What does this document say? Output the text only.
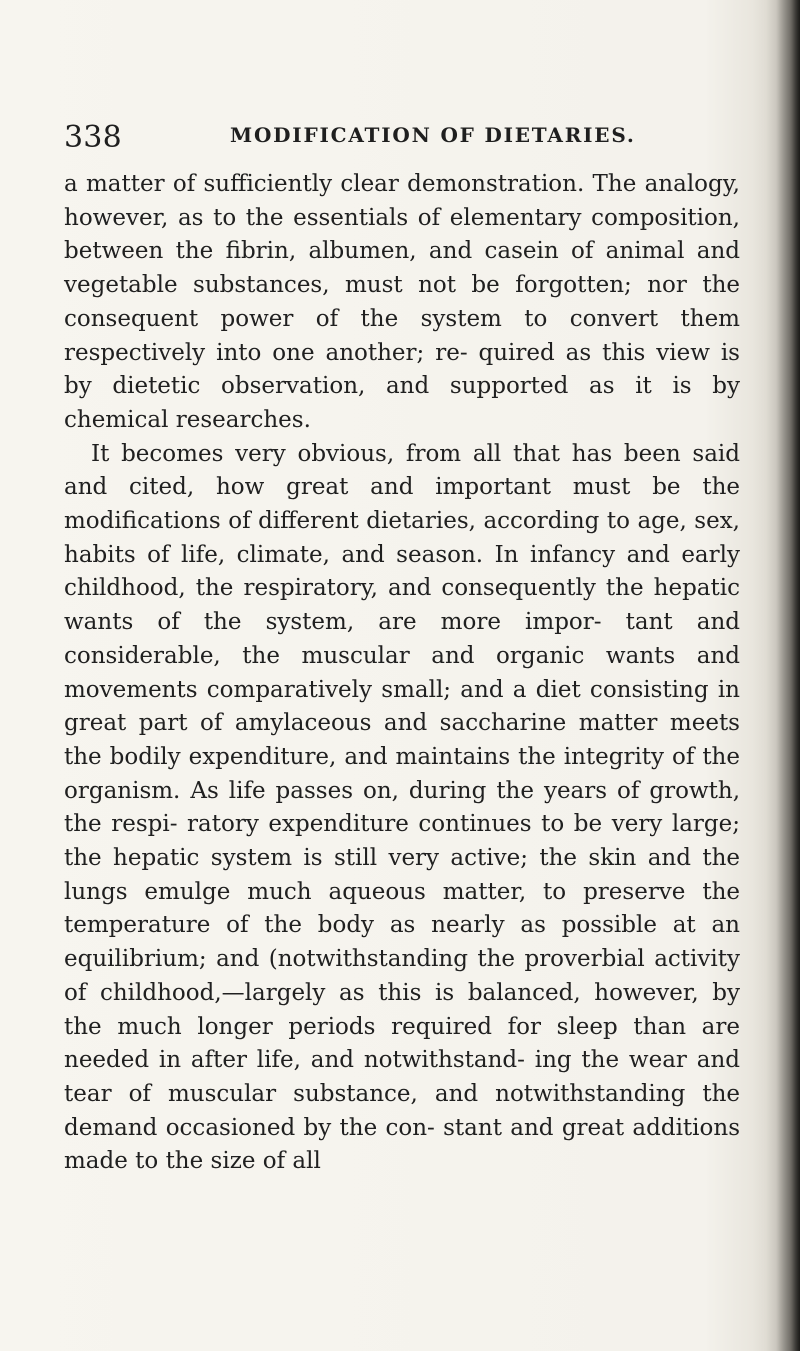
338	MODIFICATION OF DIETARIES.

a matter of sufficiently clear demonstration. The analogy, however, as to the essentials of elementary composition, between the fibrin, albumen, and casein of animal and vegetable substances, must not be forgotten; nor the consequent power of the system to convert them respectively into one another; re- quired as this view is by dietetic observation, and supported as it is by chemical researches.

It becomes very obvious, from all that has been said and cited, how great and important must be the modifications of different dietaries, according to age, sex, habits of life, climate, and season. In infancy and early childhood, the respiratory, and consequently the hepatic wants of the system, are more impor- tant and considerable, the muscular and organic wants and movements comparatively small; and a diet consisting in great part of amylaceous and saccharine matter meets the bodily expenditure, and maintains the integrity of the organism. As life passes on, during the years of growth, the respi- ratory expenditure continues to be very large; the hepatic system is still very active; the skin and the lungs emulge much aqueous matter, to preserve the temperature of the body as nearly as possible at an equilibrium; and (notwithstanding the proverbial activity of childhood,—largely as this is balanced, however, by the much longer periods required for sleep than are needed in after life, and notwithstand- ing the wear and tear of muscular substance, and notwithstanding the demand occasioned by the con- stant and great additions made to the size of all
